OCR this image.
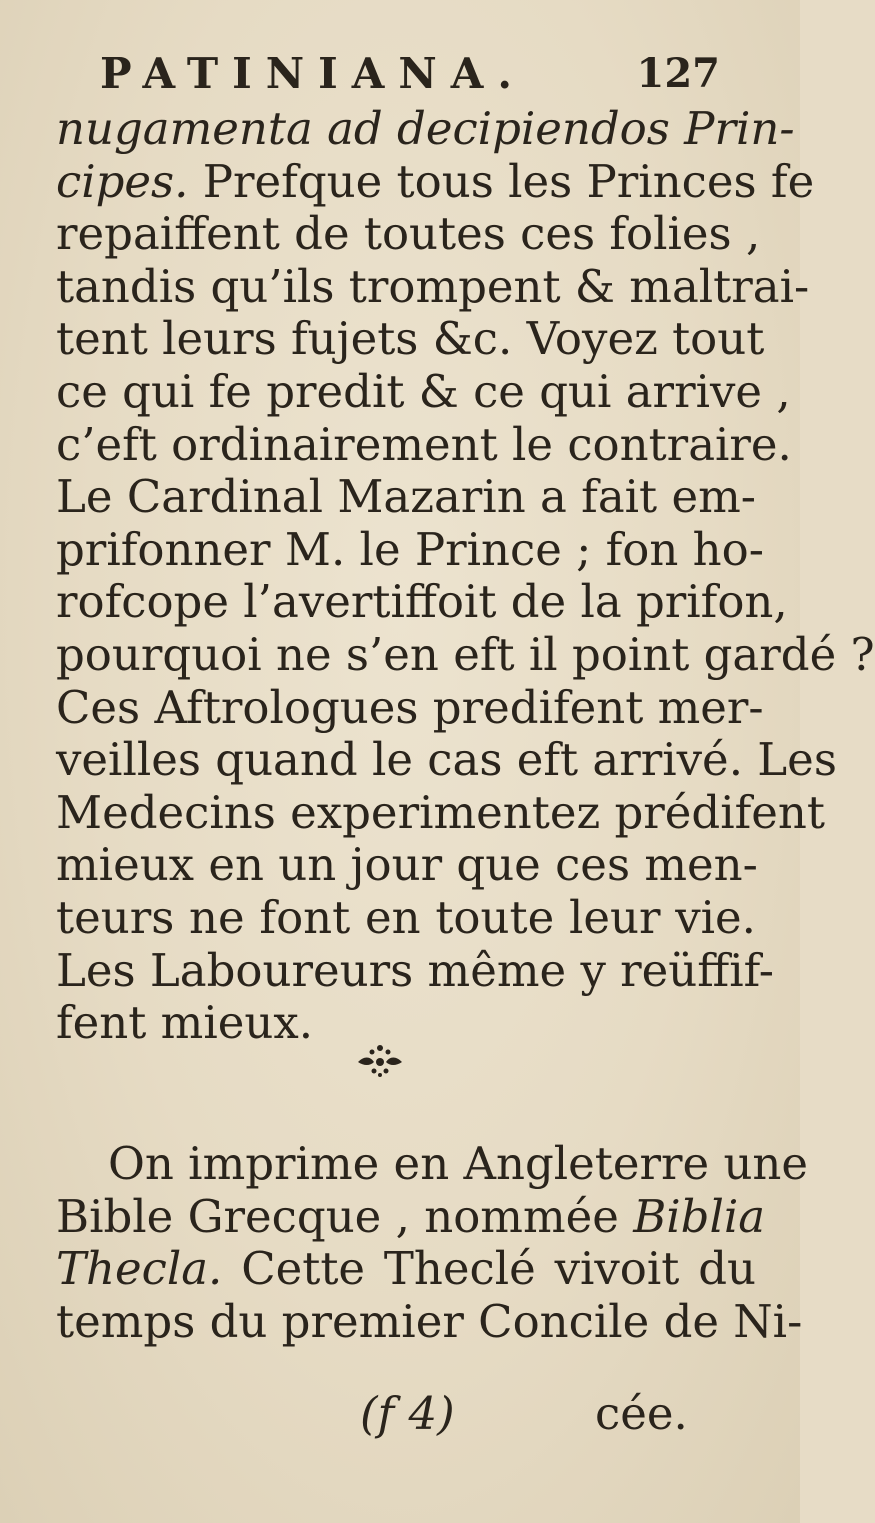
PATINIANA.	127
nugamenta ad decipiendos Prin-
cipes. Prefque tous les Princes fe
repaiffent de toutes ces folies ,
tandis qu’ils trompent & maltrai-
tent leurs fujets &c. Voyez tout
ce qui fe predit & ce qui arrive ,
c’eft ordinairement le contraire.
Le Cardinal Mazarin a fait em-
prifonner M. le Prince ; fon ho-
rofcope l’avertiffoit de la prifon,
pourquoi ne s’en eft il point gardé ?
Ces Aftrologues predifent mer-
veilles quand le cas eft arrivé. Les
Medecins experimentez prédifent
mieux en un jour que ces men-
teurs ne font en toute leur vie.
Les Laboureurs même y reüffif-
fent mieux.
On imprime en Angleterre une
Bible Grecque , nommée Biblia
Thecla. Cette Theclé vivoit du
temps du premier Concile de Ni-
(f 4)	cée.
